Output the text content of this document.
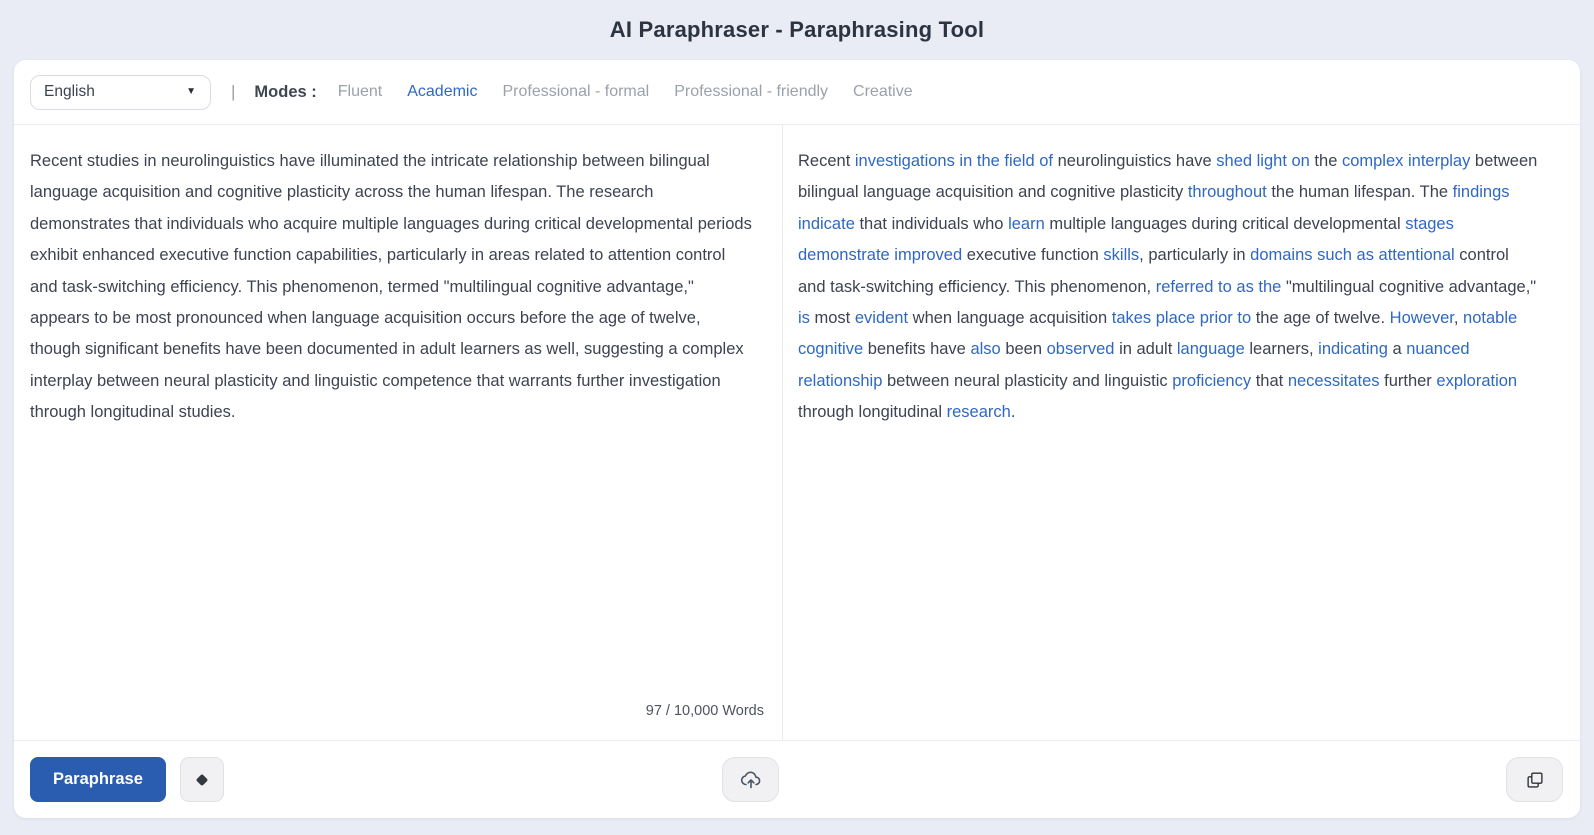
AI Paraphraser - Paraphrasing Tool
English	▼ | Modes : Fluent Academic Professional - formal Professional - friendly Creative
Recent studies in neurolinguistics have illuminated the intricate relationship between bilingual language acquisition and cognitive plasticity across the human lifespan. The research demonstrates that individuals who acquire multiple languages during critical developmental periods exhibit enhanced executive function capabilities, particularly in areas related to attention control and task-switching efficiency. This phenomenon, termed "multilingual cognitive advantage," appears to be most pronounced when language acquisition occurs before the age of twelve, though significant benefits have been documented in adult learners as well, suggesting a complex interplay between neural plasticity and linguistic competence that warrants further investigation through longitudinal studies.
97 / 10,000 Words
Recent investigations in the field of neurolinguistics have shed light on the complex interplay between bilingual language acquisition and cognitive plasticity throughout the human lifespan. The findings indicate that individuals who learn multiple languages during critical developmental stages demonstrate improved executive function skills, particularly in domains such as attentional control and task-switching efficiency. This phenomenon, referred to as the "multilingual cognitive advantage," is most evident when language acquisition takes place prior to the age of twelve. However, notable cognitive benefits have also been observed in adult language learners, indicating a nuanced relationship between neural plasticity and linguistic proficiency that necessitates further exploration through longitudinal research.
Paraphrase
